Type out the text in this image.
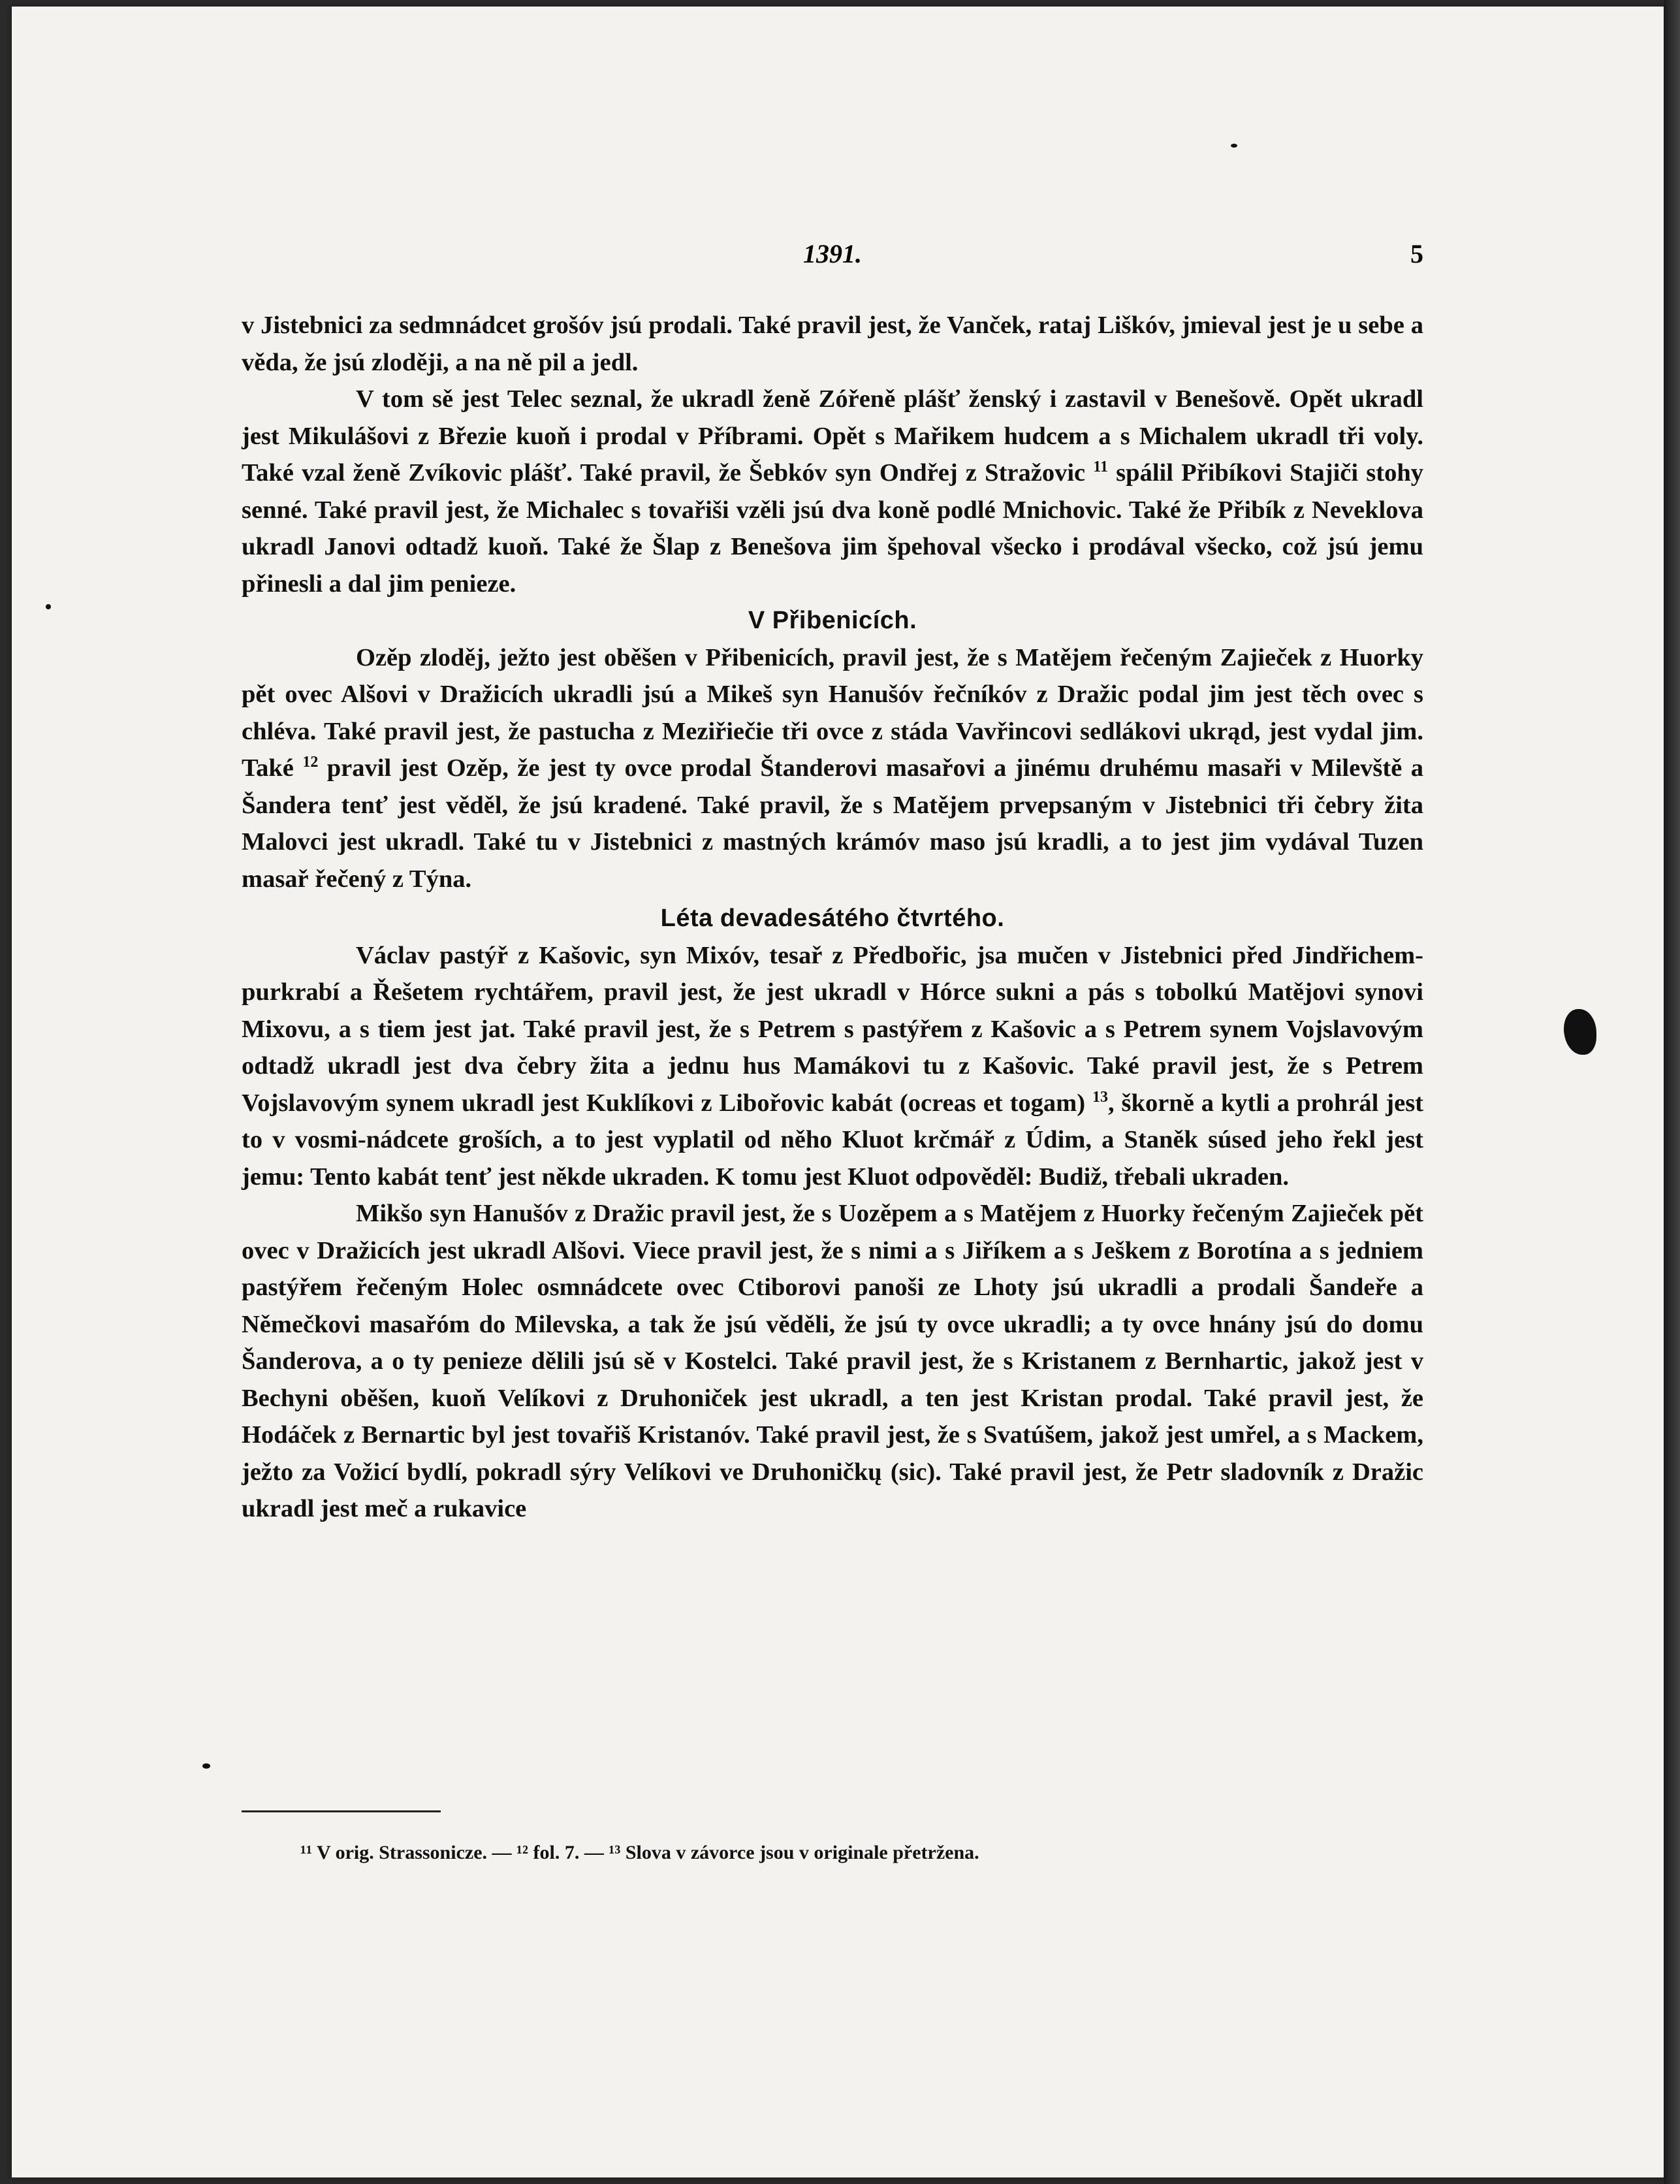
1391.	5

v Jistebnici za sedmnádcet grošóv jsú prodali. Také pravil jest, že Vanček, rataj Liškóv, jmieval jest je u sebe a věda, že jsú zloději, a na ně pil a jedl.

V tom sě jest Telec seznal, že ukradl ženě Zóřeně plášť ženský i zastavil v Benešově. Opět ukradl jest Mikulášovi z Březie kuoň i prodal v Příbrami. Opět s Mařikem hudcem a s Michalem ukradl tři voly. Také vzal ženě Zvíkovic plášť. Také pravil, že Šebkóv syn Ondřej z Stražovic $^{11}$ spálil Přibíkovi Stajiči stohy senné. Také pravil jest, že Michalec s tovařiši vzěli jsú dva koně podlé Mnichovic. Také že Přibík z Neveklova ukradl Janovi odtadž kuoň. Také že Šlap z Benešova jim špehoval všecko i prodával všecko, což jsú jemu přinesli a dal jim penieze.

V Přibenicích.

Ozěp zloděj, ježto jest oběšen v Přibenicích, pravil jest, že s Matějem řečeným Zajieček z Huorky pět ovec Alšovi v Dražicích ukradli jsú a Mikeš syn Hanušóv řečníkóv z Dražic podal jim jest těch ovec s chléva. Také pravil jest, že pastucha z Meziřiečie tři ovce z stáda Vavřincovi sedlákovi ukrąd, jest vydal jim. Také $^{12}$ pravil jest Ozěp, že jest ty ovce prodal Štanderovi masařovi a jinému druhému masaři v Milevště a Šandera tenť jest věděl, že jsú kradené. Také pravil, že s Matějem prvepsaným v Jistebnici tři čebry žita Malovci jest ukradl. Také tu v Jistebnici z mastných krámóv maso jsú kradli, a to jest jim vydával Tuzen masař řečený z Týna.

Léta devadesátého čtvrtého.

Václav pastýř z Kašovic, syn Mixóv, tesař z Předbořic, jsa mučen v Jistebnici před Jindřichem-purkrabí a Řešetem rychtářem, pravil jest, že jest ukradl v Hórce sukni a pás s tobolkú Matějovi synovi Mixovu, a s tiem jest jat. Také pravil jest, že s Petrem s pastýřem z Kašovic a s Petrem synem Vojslavovým odtadž ukradl jest dva čebry žita a jednu hus Mamákovi tu z Kašovic. Také pravil jest, že s Petrem Vojslavovým synem ukradl jest Kuklíkovi z Libořovic kabát (ocreas et togam) $^{13}$, škorně a kytli a prohrál jest to v vosmi-nádcete groších, a to jest vyplatil od něho Kluot krčmář z Údim, a Staněk súsed jeho řekl jest jemu: Tento kabát tenť jest někde ukraden. K tomu jest Kluot odpověděl: Budiž, třebali ukraden.

Mikšo syn Hanušóv z Dražic pravil jest, že s Uozěpem a s Matějem z Huorky řečeným Zajieček pět ovec v Dražicích jest ukradl Alšovi. Viece pravil jest, že s nimi a s Jiříkem a s Ješkem z Borotína a s jedniem pastýřem řečeným Holec osmnádcete ovec Ctiborovi panoši ze Lhoty jsú ukradli a prodali Šandeře a Němečkovi masařóm do Milevska, a tak že jsú věděli, že jsú ty ovce ukradli; a ty ovce hnány jsú do domu Šanderova, a o ty penieze dělili jsú sě v Kostelci. Také pravil jest, že s Kristanem z Bernhartic, jakož jest v Bechyni oběšen, kuoň Velíkovi z Druhoniček jest ukradl, a ten jest Kristan prodal. Také pravil jest, že Hodáček z Bernartic byl jest tovařiš Kristanóv. Také pravil jest, že s Svatúšem, jakož jest umřel, a s Mackem, ježto za Vožicí bydlí, pokradl sýry Velíkovi ve Druhoničkų (sic). Také pravil jest, že Petr sladovník z Dražic ukradl jest meč a rukavice

¹¹ V orig. Strassonicze. — ¹² fol. 7. — ¹³ Slova v závorce jsou v originale přetržena.
